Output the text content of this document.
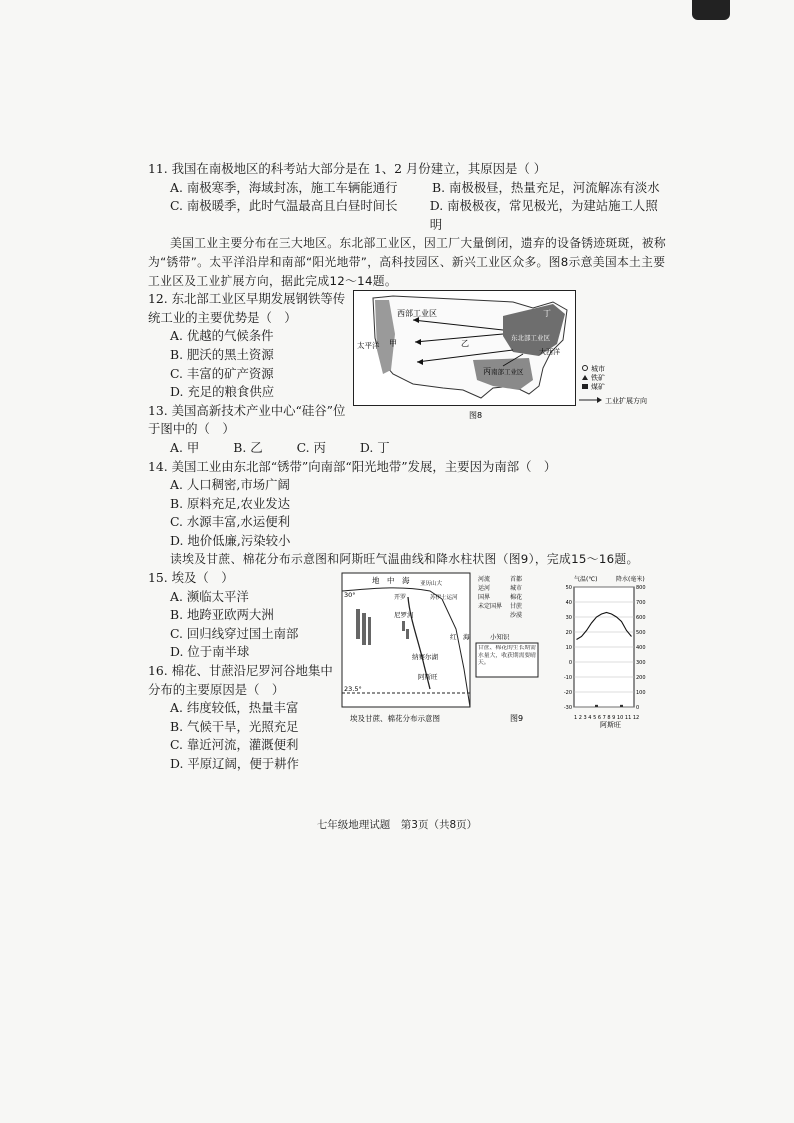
11. 我国在南极地区的科考站大部分是在 1、2 月份建立，其原因是（ ）

A. 南极寒季，海域封冻，施工车辆能通行	B. 南极极昼，热量充足，河流解冻有淡水
C. 南极暖季，此时气温最高且白昼时间长	D. 南极极夜，常见极光，为建站施工人照明

美国工业主要分布在三大地区。东北部工业区，因工厂大量倒闭，遗弃的设备锈迹斑斑，被称为“锈带”。太平洋沿岸和南部“阳光地带”，高科技园区、新兴工业区众多。图8示意美国本土主要工业区及工业扩展方向，据此完成12～14题。

12. 东北部工业区早期发展钢铁等传统工业的主要优势是（　）

A. 优越的气候条件
B. 肥沃的黑土资源
C. 丰富的矿产资源
D. 充足的粮食供应

13. 美国高新技术产业中心“硅谷”位于图中的（　）

西部工业区
太平洋 甲	乙
丙
丁
东北部工业区
南部工业区
大西洋
城市
铁矿
煤矿
工业扩展方向
图8
A. 甲	B. 乙	C. 丙	D. 丁

14. 美国工业由东北部“锈带”向南部“阳光地带”发展，主要因为南部（　）

A. 人口稠密,市场广阔
B. 原料充足,农业发达
C. 水源丰富,水运便利
D. 地价低廉,污染较小

读埃及甘蔗、棉花分布示意图和阿斯旺气温曲线和降水柱状图（图9），完成15～16题。

15. 埃及（　）

A. 濒临太平洋
B. 地跨亚欧两大洲
C. 回归线穿过国土南部
D. 位于南半球

16. 棉花、甘蔗沿尼罗河谷地集中分布的主要原因是（　）

A. 纬度较低，热量丰富
B. 气候干旱，光照充足
C. 靠近河流，灌溉便利
D. 平原辽阔，便于耕作
地　中　海
30°	开罗
亚历山大
苏伊士运河
尼罗河
红　海
纳赛尔湖
阿斯旺
23.5°
埃及甘蔗、棉花分布示意图
河流
运河
国界
未定国界
首都
城市
棉花
甘蔗
沙漠
小知识
甘蔗、棉花的生长期需水量大，收获期需要晴天。
图9
气温(℃)	降水(毫米)
-30
-20
-10
0
10
20
30
40
50
0
100
200
300
400
500
600
700
800
1 2 3 4 5 6 7 8 9 10 11 12
阿斯旺
七年级地理试题　第3页（共8页）
